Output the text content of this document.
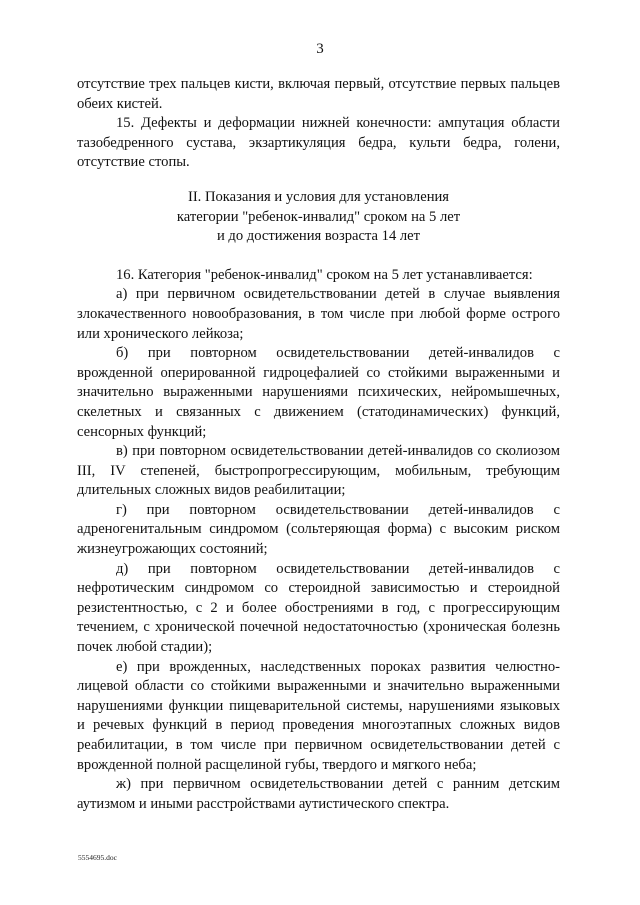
3

отсутствие трех пальцев кисти, включая первый, отсутствие первых пальцев обеих кистей.

15. Дефекты и деформации нижней конечности: ампутация области тазобедренного сустава, экзартикуляция бедра, культи бедра, голени, отсутствие стопы.

II. Показания и условия для установления

категории "ребенок-инвалид" сроком на 5 лет

и до достижения возраста 14 лет

16. Категория "ребенок-инвалид" сроком на 5 лет устанавливается:

а) при первичном освидетельствовании детей в случае выявления злокачественного новообразования, в том числе при любой форме острого или хронического лейкоза;

б) при повторном освидетельствовании детей-инвалидов с врожденной оперированной гидроцефалией со стойкими выраженными и значительно выраженными нарушениями психических, нейромышечных, скелетных и связанных с движением (статодинамических) функций, сенсорных функций;

в) при повторном освидетельствовании детей-инвалидов со сколиозом III, IV степеней, быстропрогрессирующим, мобильным, требующим длительных сложных видов реабилитации;

г) при повторном освидетельствовании детей-инвалидов с адреногенитальным синдромом (сольтеряющая форма) с высоким риском жизнеугрожающих состояний;

д) при повторном освидетельствовании детей-инвалидов с нефротическим синдромом со стероидной зависимостью и стероидной резистентностью, с 2 и более обострениями в год, с прогрессирующим течением, с хронической почечной недостаточностью (хроническая болезнь почек любой стадии);

е) при врожденных, наследственных пороках развития челюстно-лицевой области со стойкими выраженными и значительно выраженными нарушениями функции пищеварительной системы, нарушениями языковых и речевых функций в период проведения многоэтапных сложных видов реабилитации, в том числе при первичном освидетельствовании детей с врожденной полной расщелиной губы, твердого и мягкого неба;

ж) при первичном освидетельствовании детей с ранним детским аутизмом и иными расстройствами аутистического спектра.

5554695.doc
